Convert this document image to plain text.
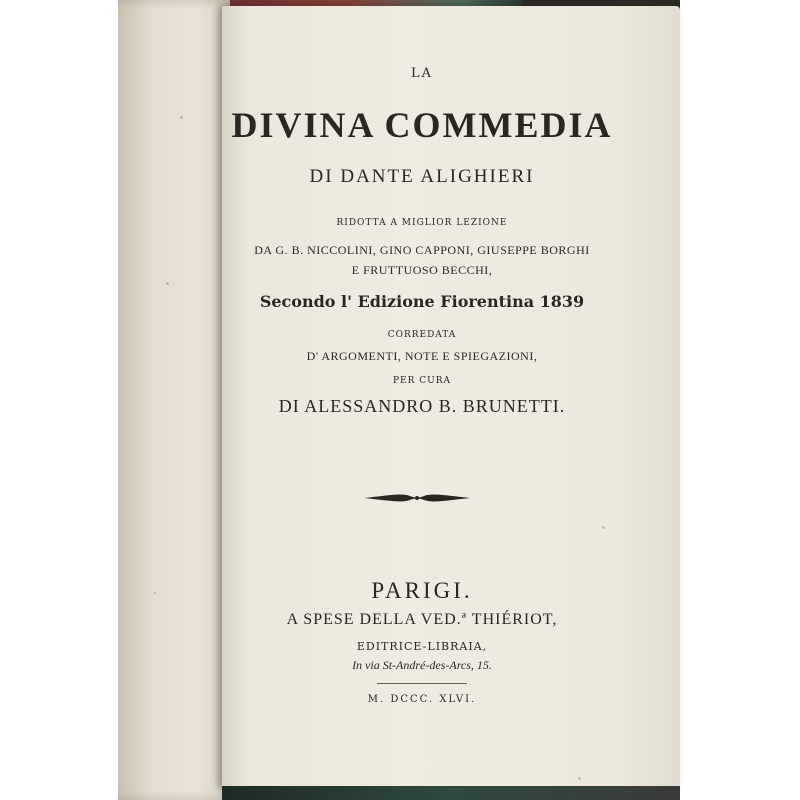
LA

DIVINA COMMEDIA

DI DANTE ALIGHIERI

RIDOTTA A MIGLIOR LEZIONE

DA G. B. NICCOLINI, GINO CAPPONI, GIUSEPPE BORGHI

E FRUTTUOSO BECCHI,

Secondo l' Edizione Fiorentina 1839

CORREDATA

D' ARGOMENTI, NOTE E SPIEGAZIONI,

PER CURA

DI ALESSANDRO B. BRUNETTI.

PARIGI.

A SPESE DELLA VED.ª THIÉRIOT,

EDITRICE-LIBRAIA,

In via St-André-des-Arcs, 15.

M. DCCC. XLVI.
